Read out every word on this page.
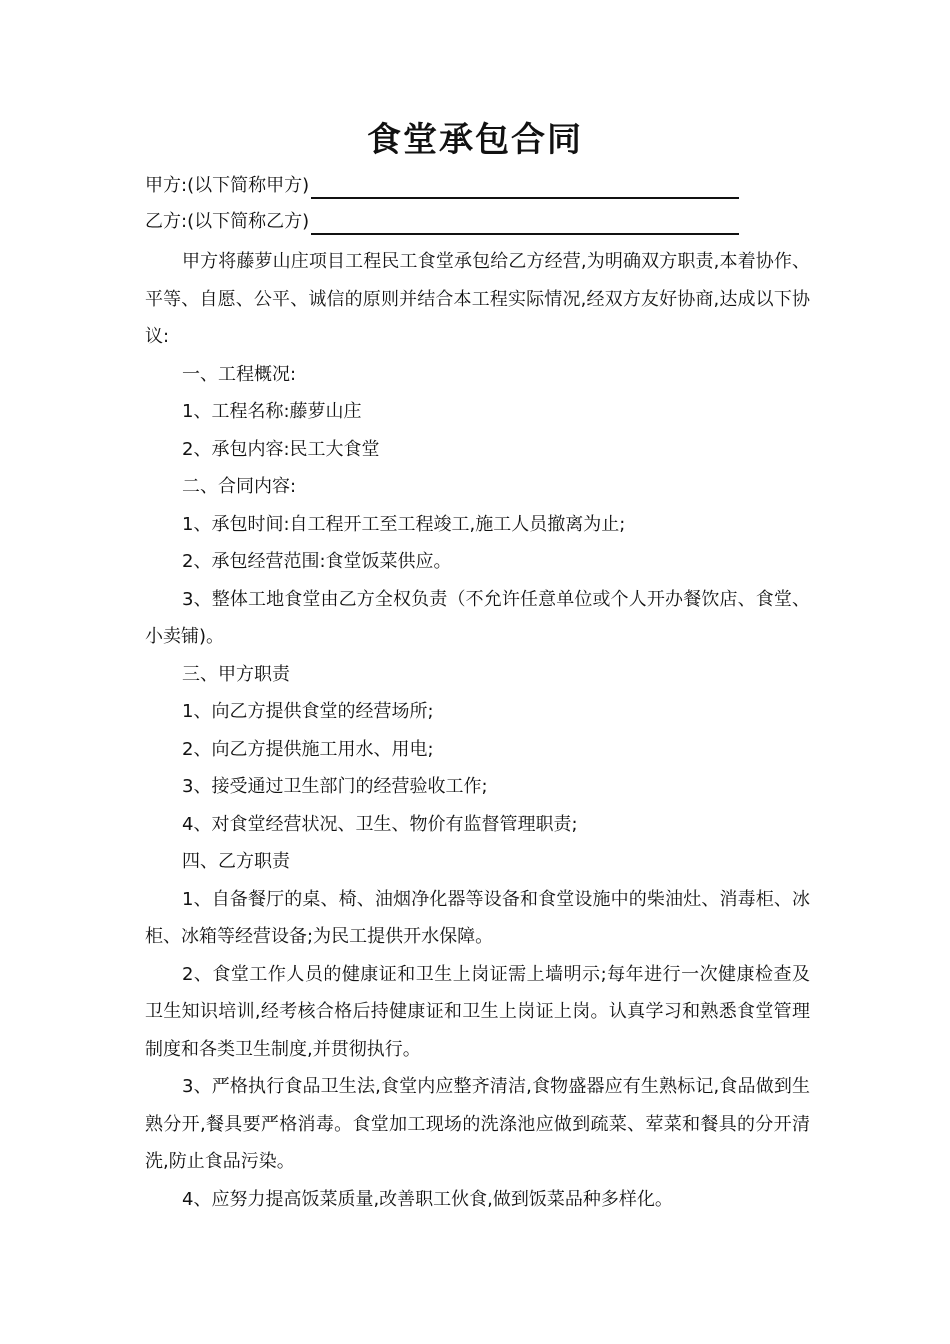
食堂承包合同
甲方:(以下简称甲方)
乙方:(以下简称乙方)

甲方将藤萝山庄项目工程民工食堂承包给乙方经营,为明确双方职责,本着协作、平等、自愿、公平、诚信的原则并结合本工程实际情况,经双方友好协商,达成以下协议:

一、工程概况:

1、工程名称:藤萝山庄

2、承包内容:民工大食堂

二、合同内容:

1、承包时间:自工程开工至工程竣工,施工人员撤离为止;

2、承包经营范围:食堂饭菜供应。

3、整体工地食堂由乙方全权负责（不允许任意单位或个人开办餐饮店、食堂、小卖铺)。

三、甲方职责

1、向乙方提供食堂的经营场所;

2、向乙方提供施工用水、用电;

3、接受通过卫生部门的经营验收工作;

4、对食堂经营状况、卫生、物价有监督管理职责;

四、乙方职责

1、自备餐厅的桌、椅、油烟净化器等设备和食堂设施中的柴油灶、消毒柜、冰柜、冰箱等经营设备;为民工提供开水保障。

2、食堂工作人员的健康证和卫生上岗证需上墙明示;每年进行一次健康检查及卫生知识培训,经考核合格后持健康证和卫生上岗证上岗。认真学习和熟悉食堂管理制度和各类卫生制度,并贯彻执行。

3、严格执行食品卫生法,食堂内应整齐清洁,食物盛器应有生熟标记,食品做到生熟分开,餐具要严格消毒。食堂加工现场的洗涤池应做到疏菜、荤菜和餐具的分开清洗,防止食品污染。

4、应努力提高饭菜质量,改善职工伙食,做到饭菜品种多样化。
